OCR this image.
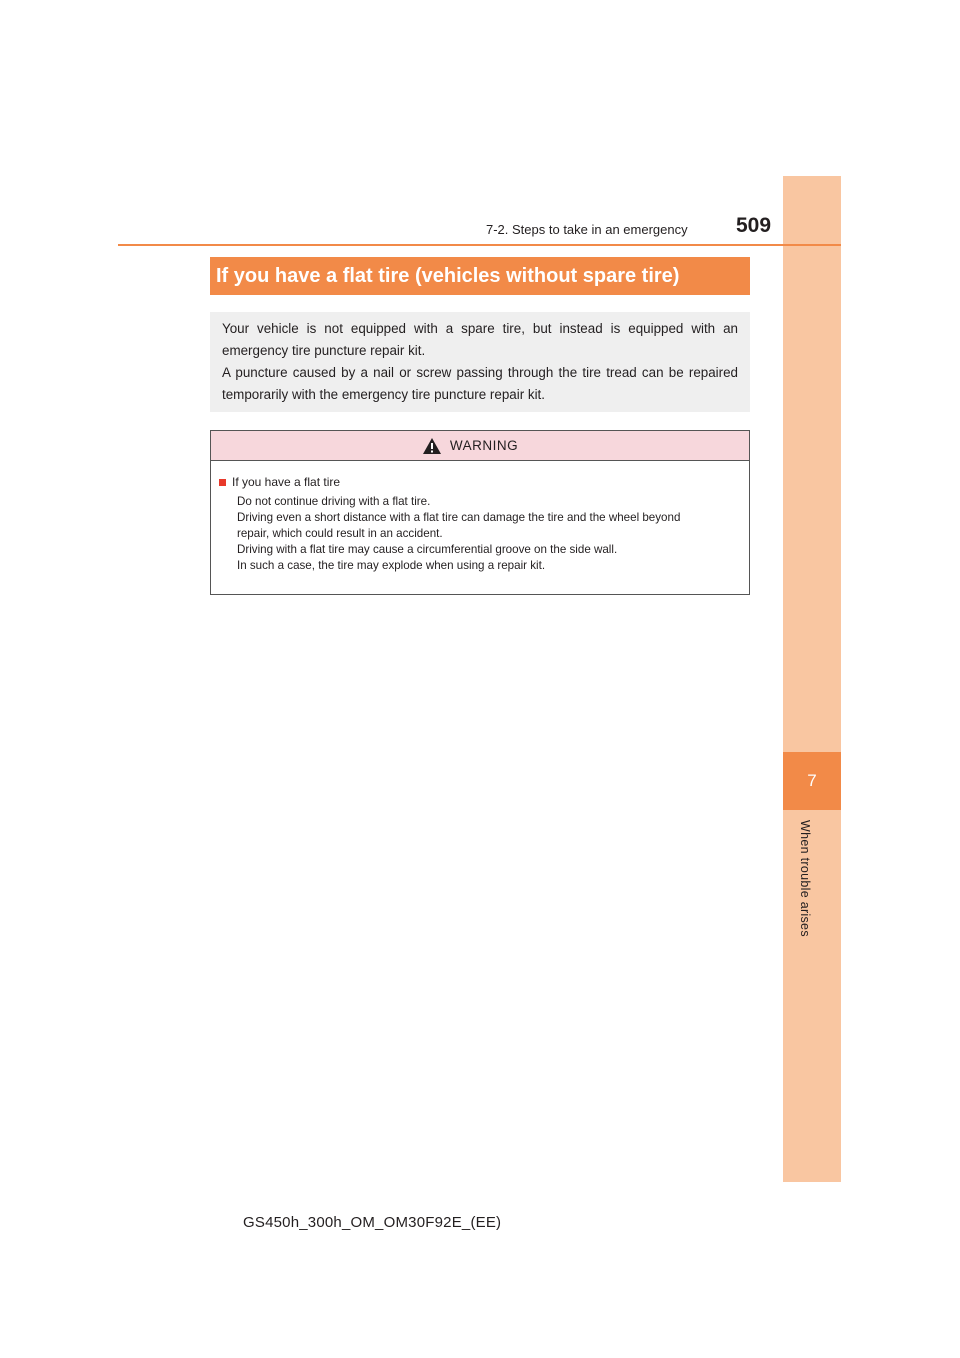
7
When trouble arises
7-2. Steps to take in an emergency 509
If you have a flat tire (vehicles without spare tire)

Your vehicle is not equipped with a spare tire, but instead is equipped with an emergency tire puncture repair kit.

A puncture caused by a nail or screw passing through the tire tread can be repaired temporarily with the emergency tire puncture repair kit.

WARNING
If you have a flat tire
Do not continue driving with a flat tire.
Driving even a short distance with a flat tire can damage the tire and the wheel beyond
repair, which could result in an accident.
Driving with a flat tire may cause a circumferential groove on the side wall.
In such a case, the tire may explode when using a repair kit.
GS450h_300h_OM_OM30F92E_(EE)
